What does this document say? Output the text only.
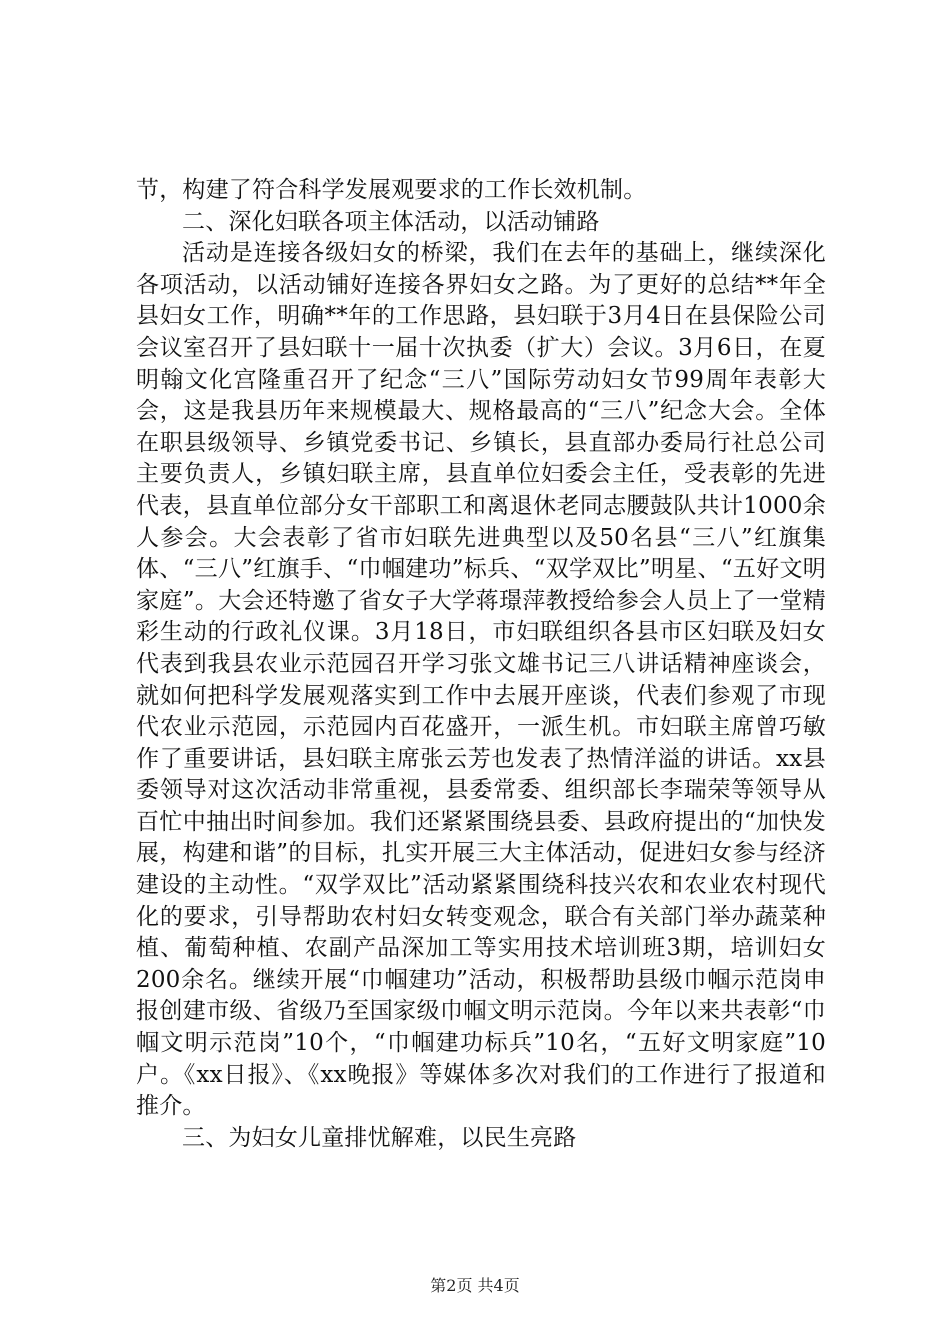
节，构建了符合科学发展观要求的工作长效机制。

二、深化妇联各项主体活动，以活动铺路

活动是连接各级妇女的桥梁，我们在去年的基础上，继续深化各项活动，以活动铺好连接各界妇女之路。为了更好的总结**年全县妇女工作，明确**年的工作思路，县妇联于3月4日在县保险公司会议室召开了县妇联十一届十次执委（扩大）会议。3月6日，在夏明翰文化宫隆重召开了纪念“三八”国际劳动妇女节99周年表彰大会，这是我县历年来规模最大、规格最高的“三八”纪念大会。全体在职县级领导、乡镇党委书记、乡镇长，县直部办委局行社总公司主要负责人，乡镇妇联主席，县直单位妇委会主任，受表彰的先进代表，县直单位部分女干部职工和离退休老同志腰鼓队共计1000余人参会。大会表彰了省市妇联先进典型以及50名县“三八”红旗集体、“三八”红旗手、“巾帼建功”标兵、“双学双比”明星、“五好文明家庭”。大会还特邀了省女子大学蒋璟萍教授给参会人员上了一堂精彩生动的行政礼仪课。3月18日，市妇联组织各县市区妇联及妇女代表到我县农业示范园召开学习张文雄书记三八讲话精神座谈会，就如何把科学发展观落实到工作中去展开座谈，代表们参观了市现代农业示范园，示范园内百花盛开，一派生机。市妇联主席曾巧敏作了重要讲话，县妇联主席张云芳也发表了热情洋溢的讲话。xx县委领导对这次活动非常重视，县委常委、组织部长李瑞荣等领导从百忙中抽出时间参加。我们还紧紧围绕县委、县政府提出的“加快发展，构建和谐”的目标，扎实开展三大主体活动，促进妇女参与经济建设的主动性。“双学双比”活动紧紧围绕科技兴农和农业农村现代化的要求，引导帮助农村妇女转变观念，联合有关部门举办蔬菜种植、葡萄种植、农副产品深加工等实用技术培训班3期，培训妇女200余名。继续开展“巾帼建功”活动，积极帮助县级巾帼示范岗申报创建市级、省级乃至国家级巾帼文明示范岗。今年以来共表彰“巾帼文明示范岗”10个，“巾帼建功标兵”10名，“五好文明家庭”10户。《xx日报》、《xx晚报》等媒体多次对我们的工作进行了报道和推介。

三、为妇女儿童排忧解难，以民生亮路

第2页 共4页
